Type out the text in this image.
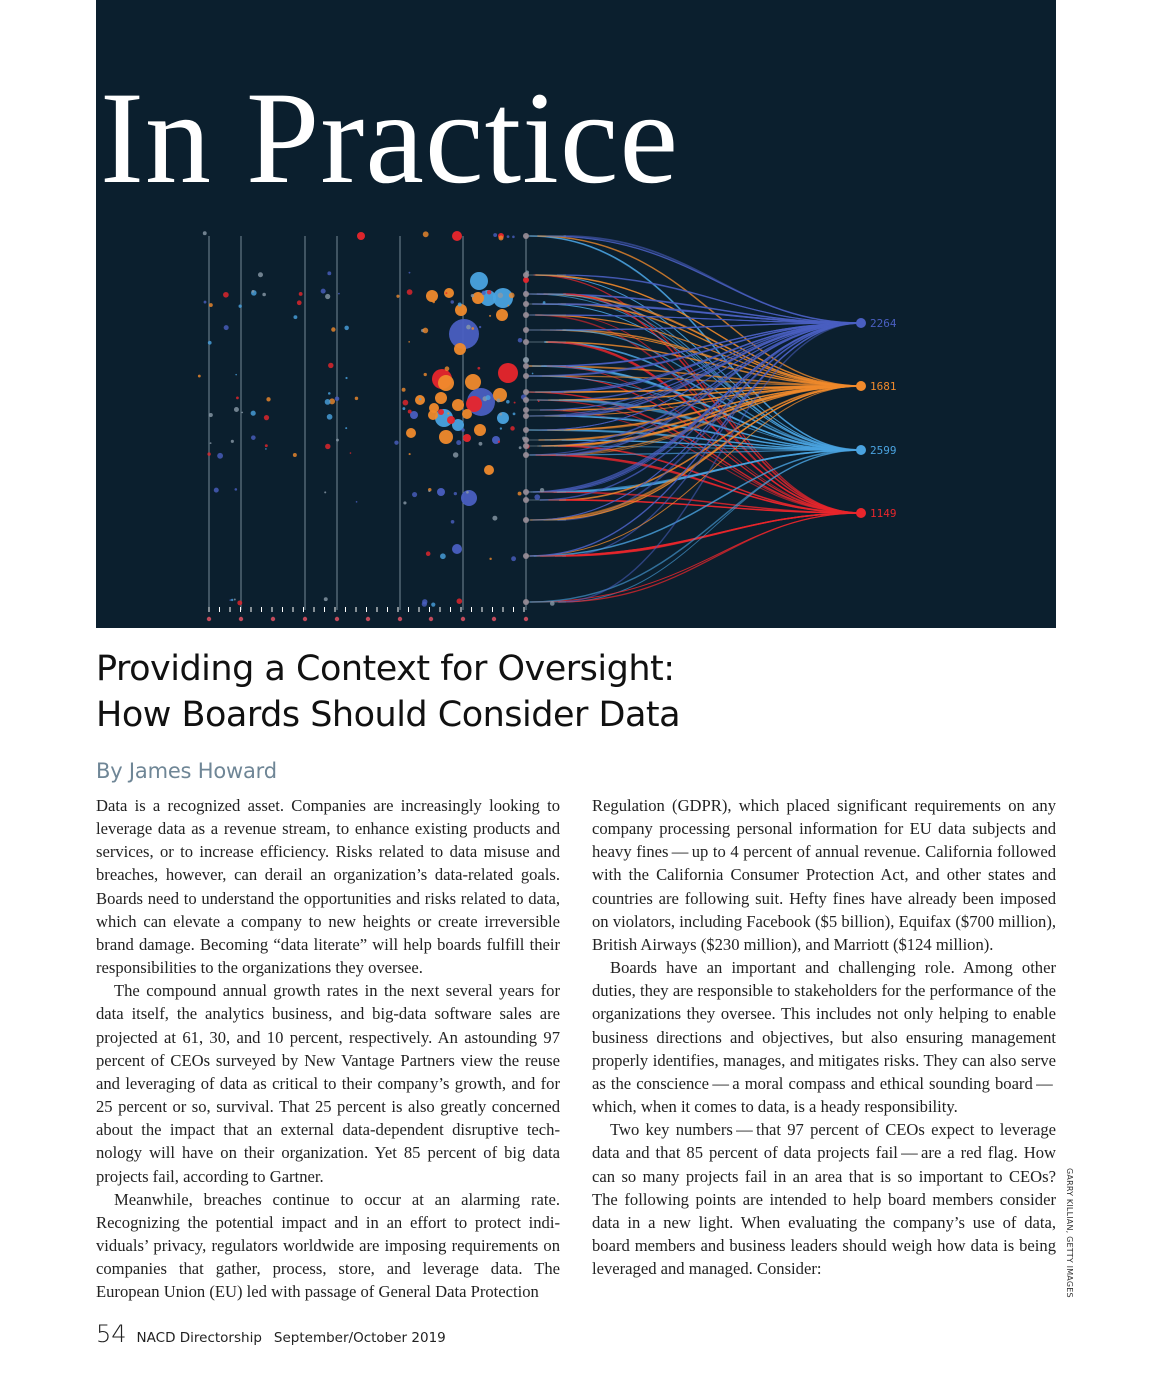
2264
1681
2599
1149
In Practice
Providing a Context for Oversight:
How Boards Should Consider Data
By James Howard

Data is a recognized asset. Companies are increasingly looking to leverage data as a revenue stream, to enhance existing products and services, or to increase efficiency. Risks related to data misuse and breaches, however, can derail an organization’s data-related goals. Boards need to understand the opportunities and risks related to data, which can elevate a company to new heights or create irreversible brand damage. Becoming “data literate” will help boards fulfill their responsibilities to the organizations they oversee.

The compound annual growth rates in the next several years for data itself, the analytics business, and big-data software sales are projected at 61, 30, and 10 percent, respectively. An astounding 97 percent of CEOs surveyed by New Vantage Partners view the reuse and leveraging of data as critical to their company’s growth, and for 25 percent or so, survival. That 25 percent is also greatly concerned about the impact that an external data-dependent disruptive technology will have on their organization. Yet 85 percent of big data projects fail, according to Gartner.

Meanwhile, breaches continue to occur at an alarming rate. Recognizing the potential impact and in an effort to protect individuals’ privacy, regulators worldwide are imposing requirements on companies that gather, process, store, and leverage data. The European Union (EU) led with passage of General Data Protection

Regulation (GDPR), which placed significant requirements on any company processing personal information for EU data subjects and heavy fines — up to 4 percent of annual revenue. California followed with the California Consumer Protection Act, and other states and countries are following suit. Hefty fines have already been imposed on violators, including Facebook ($5 billion), Equifax ($700 million), British Airways ($230 million), and Marriott ($124 million).

Boards have an important and challenging role. Among other duties, they are responsible to stakeholders for the performance of the organizations they oversee. This includes not only helping to enable business directions and objectives, but also ensuring management properly identifies, manages, and mitigates risks. They can also serve as the conscience — a moral compass and ethical sounding board — which, when it comes to data, is a heady responsibility.

Two key numbers — that 97 percent of CEOs expect to leverage data and that 85 percent of data projects fail — are a red flag. How can so many projects fail in an area that is so important to CEOs? The following points are intended to help board members consider data in a new light. When evaluating the company’s use of data, board members and business leaders should weigh how data is being leveraged and managed. Consider:	GARRY KILLIAN, GETTY IMAGES
54 NACD Directorship September/October 2019
